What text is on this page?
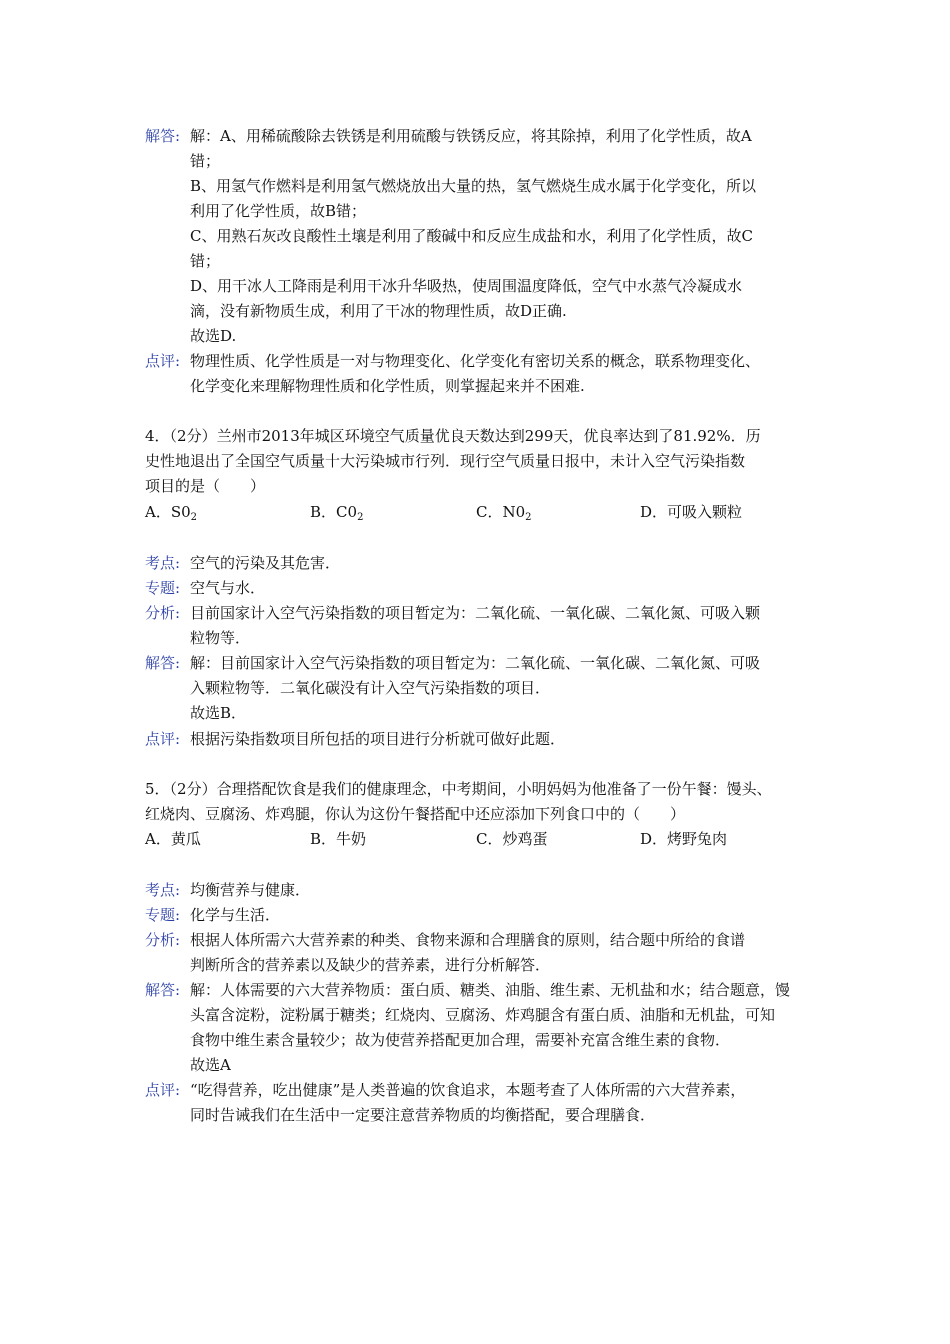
解答: 解：A、用稀硫酸除去铁锈是利用硫酸与铁锈反应，将其除掉，利用了化学性质，故A
错；
B、用氢气作燃料是利用氢气燃烧放出大量的热，氢气燃烧生成水属于化学变化，所以
利用了化学性质，故B错；
C、用熟石灰改良酸性土壤是利用了酸碱中和反应生成盐和水，利用了化学性质，故C
错；
D、用干冰人工降雨是利用干冰升华吸热，使周围温度降低，空气中水蒸气冷凝成水
滴，没有新物质生成，利用了干冰的物理性质，故D正确.
故选D.
点评: 物理性质、化学性质是一对与物理变化、化学变化有密切关系的概念，联系物理变化、
化学变化来理解物理性质和化学性质，则掌握起来并不困难.
4．（2分）兰州市2013年城区环境空气质量优良天数达到299天，优良率达到了81.92%．历
史性地退出了全国空气质量十大污染城市行列．现行空气质量日报中，未计入空气污染指数
项目的是（　　）
A．$S0_2$	B．$C0_2$	C．$N0_2$	D．可吸入颗粒
考点: 空气的污染及其危害．
专题: 空气与水．
分析: 目前国家计入空气污染指数的项目暂定为：二氧化硫、一氧化碳、二氧化氮、可吸入颗
粒物等．
解答: 解：目前国家计入空气污染指数的项目暂定为：二氧化硫、一氧化碳、二氧化氮、可吸
入颗粒物等．二氧化碳没有计入空气污染指数的项目．
故选B．
点评: 根据污染指数项目所包括的项目进行分析就可做好此题．
5．（2分）合理搭配饮食是我们的健康理念，中考期间，小明妈妈为他准备了一份午餐：馒头、
红烧肉、豆腐汤、炸鸡腿，你认为这份午餐搭配中还应添加下列食口中的（　　）
A．黄瓜	B．牛奶	C．炒鸡蛋	D．烤野兔肉
考点: 均衡营养与健康．
专题: 化学与生活．
分析: 根据人体所需六大营养素的种类、食物来源和合理膳食的原则，结合题中所给的食谱
判断所含的营养素以及缺少的营养素，进行分析解答．
解答: 解：人体需要的六大营养物质：蛋白质、糖类、油脂、维生素、无机盐和水；结合题意，馒
头富含淀粉，淀粉属于糖类；红烧肉、豆腐汤、炸鸡腿含有蛋白质、油脂和无机盐，可知
食物中维生素含量较少；故为使营养搭配更加合理，需要补充富含维生素的食物．
故选A
点评: “吃得营养，吃出健康”是人类普遍的饮食追求，本题考查了人体所需的六大营养素，
同时告诫我们在生活中一定要注意营养物质的均衡搭配，要合理膳食．
